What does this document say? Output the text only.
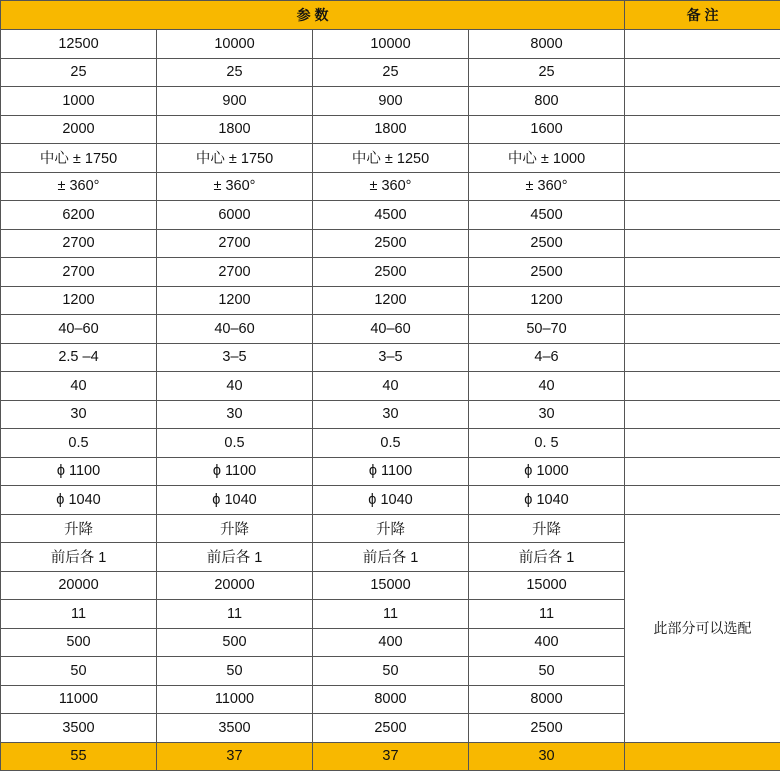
参 数				备 注
12500	10000	10000	8000	
25	25	25	25	
1000	900	900	800	
2000	1800	1800	1600	
中心 ± 1750	中心 ± 1750	中心 ± 1250	中心 ± 1000	
± 360°	± 360°	± 360°	± 360°	
6200	6000	4500	4500	
2700	2700	2500	2500	
2700	2700	2500	2500	
1200	1200	1200	1200	
40–60	40–60	40–60	50–70	
2.5 –4	3–5	3–5	4–6	
40	40	40	40	
30	30	30	30	
0.5	0.5	0.5	0. 5	
ϕ 1100	ϕ 1100	ϕ 1100	ϕ 1000	
ϕ 1040	ϕ 1040	ϕ 1040	ϕ 1040	
升降	升降	升降	升降	此部分可以选配
前后各 1	前后各 1	前后各 1	前后各 1	
20000	20000	15000	15000	
11	11	11	11	
500	500	400	400	
50	50	50	50	
11000	11000	8000	8000	
3500	3500	2500	2500	
55	37	37	30	
